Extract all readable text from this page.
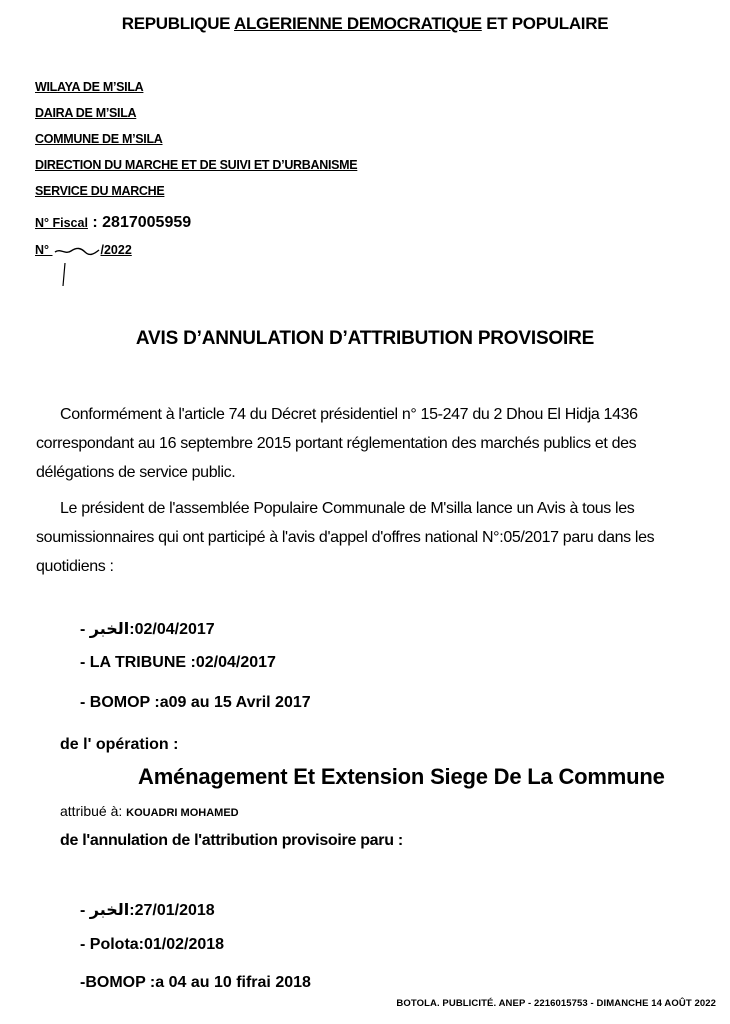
REPUBLIQUE ALGERIENNE DEMOCRATIQUE ET POPULAIRE
WILAYA DE M’SILA
DAIRA DE M’SILA
COMMUNE DE M’SILA
DIRECTION DU MARCHE ET DE SUIVI ET D’URBANISME
SERVICE DU MARCHE
N° Fiscal : 2817005959
N°	/2022
AVIS D’ANNULATION D’ATTRIBUTION PROVISOIRE
Conformément à l'article 74 du Décret présidentiel n° 15-247 du 2 Dhou El Hidja 1436
correspondant au 16 septembre 2015 portant réglementation des marchés publics et des
délégations de service public.
Le président de l'assemblée Populaire Communale de M'silla lance un Avis à tous les
soumissionnaires qui ont participé à l'avis d'appel d'offres national N°:05/2017 paru dans les
quotidiens :
- الخبر:02/04/2017
- LA TRIBUNE :02/04/2017
- BOMOP :a09 au 15 Avril 2017
de l' opération :
Aménagement Et Extension Siege De La Commune
attribué à: KOUADRI MOHAMED
de l'annulation de l'attribution provisoire paru :
- الخبر:27/01/2018
- Polota:01/02/2018
-BOMOP :a 04 au 10 fifrai 2018
BOTOLA. PUBLICITÉ. ANEP - 2216015753 - DIMANCHE 14 AOÛT 2022
